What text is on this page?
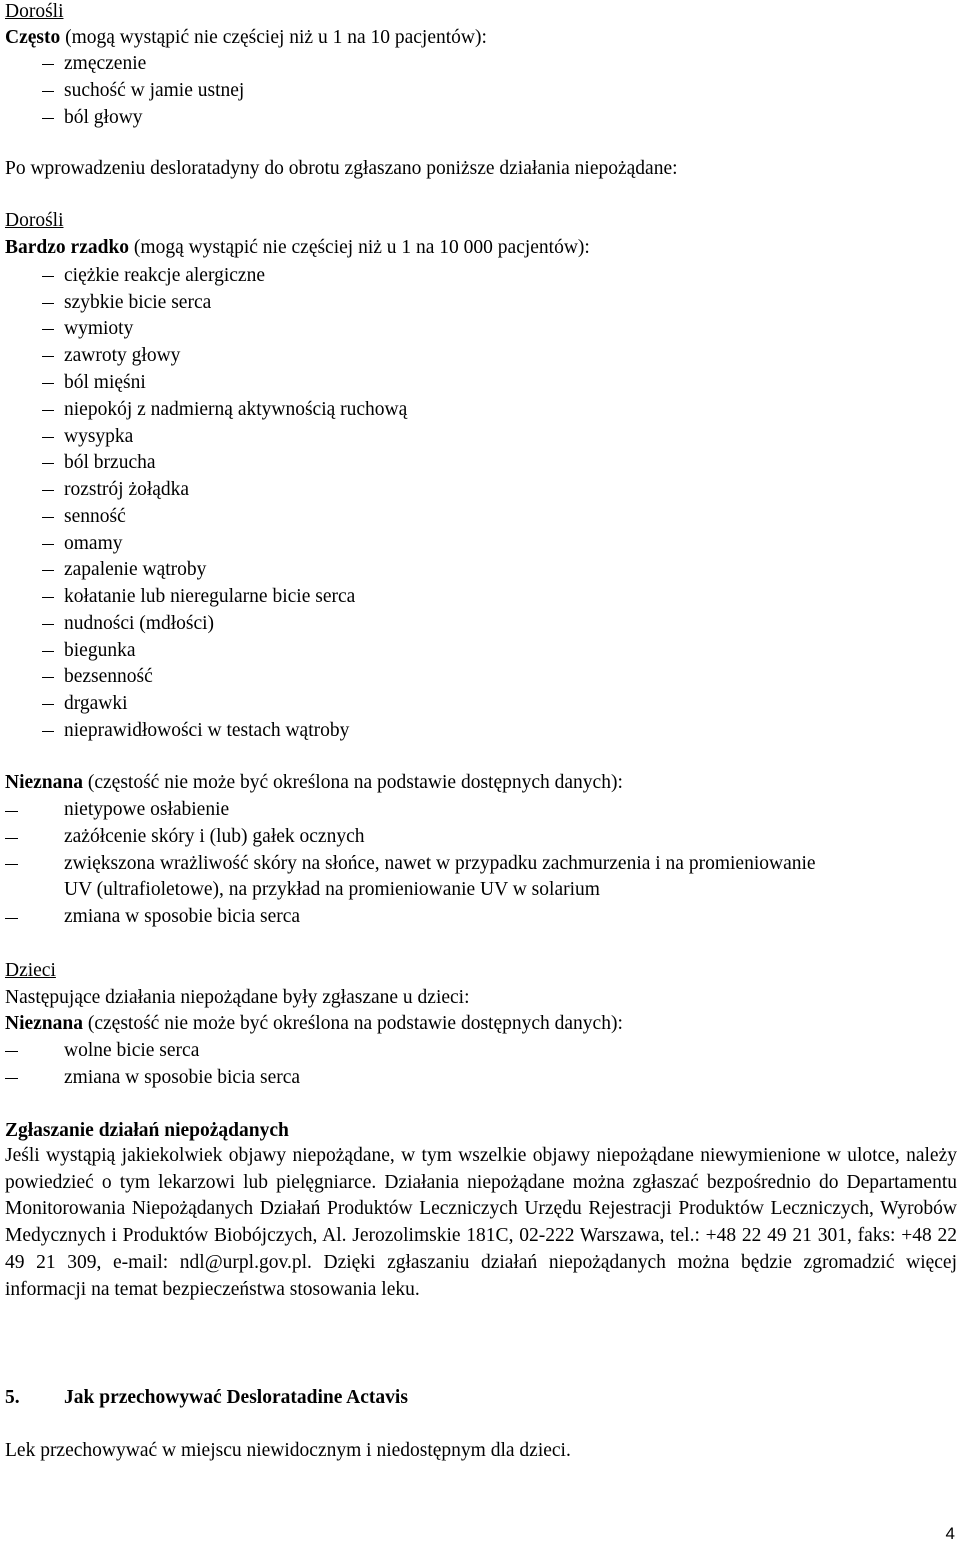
Dorośli
Często (mogą wystąpić nie częściej niż u 1 na 10 pacjentów):
zmęczenie
suchość w jamie ustnej
ból głowy
Po wprowadzeniu desloratadyny do obrotu zgłaszano poniższe działania niepożądane:
Dorośli
Bardzo rzadko (mogą wystąpić nie częściej niż u 1 na 10 000 pacjentów):
ciężkie reakcje alergiczne
szybkie bicie serca
wymioty
zawroty głowy
ból mięśni
niepokój z nadmierną aktywnością ruchową
wysypka
ból brzucha
rozstrój żołądka
senność
omamy
zapalenie wątroby
kołatanie lub nieregularne bicie serca
nudności (mdłości)
biegunka
bezsenność
drgawki
nieprawidłowości w testach wątroby
Nieznana (częstość nie może być określona na podstawie dostępnych danych):
nietypowe osłabienie
zażółcenie skóry i (lub) gałek ocznych
zwiększona wrażliwość skóry na słońce, nawet w przypadku zachmurzenia i na promieniowanie
UV (ultrafioletowe), na przykład na promieniowanie UV w solarium
zmiana w sposobie bicia serca
Dzieci
Następujące działania niepożądane były zgłaszane u dzieci:
Nieznana (częstość nie może być określona na podstawie dostępnych danych):
wolne bicie serca
zmiana w sposobie bicia serca
Zgłaszanie działań niepożądanych
Jeśli wystąpią jakiekolwiek objawy niepożądane, w tym wszelkie objawy niepożądane niewymienione w ulotce, należy powiedzieć o tym lekarzowi lub pielęgniarce. Działania niepożądane można zgłaszać bezpośrednio do Departamentu Monitorowania Niepożądanych Działań Produktów Leczniczych Urzędu Rejestracji Produktów Leczniczych, Wyrobów Medycznych i Produktów Biobójczych, Al. Jerozolimskie 181C, 02-222 Warszawa, tel.: +48 22 49 21 301, faks: +48 22 49 21 309, e-mail: ndl@urpl.gov.pl. Dzięki zgłaszaniu działań niepożądanych można będzie zgromadzić więcej informacji na temat bezpieczeństwa stosowania leku.
5. Jak przechowywać Desloratadine Actavis
Lek przechowywać w miejscu niewidocznym i niedostępnym dla dzieci.
4
